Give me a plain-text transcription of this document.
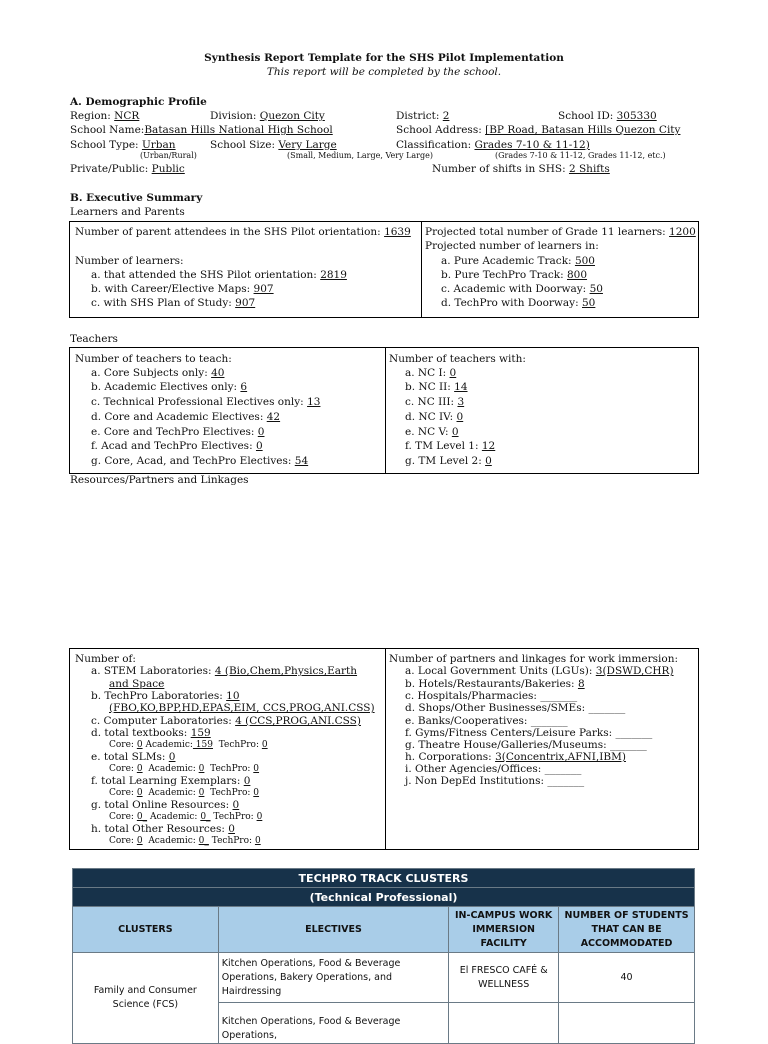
Synthesis Report Template for the SHS Pilot Implementation
This report will be completed by the school.
A. Demographic Profile
Region: NCR	Division: Quezon City	District: 2	School ID: 305330
School Name:Batasan Hills National High School	School Address: [BP Road, Batasan Hills Quezon City
School Type: Urban	School Size: Very Large	Classification: Grades 7-10 & 11-12)
(Urban/Rural)	(Small, Medium, Large, Very Large)	(Grades 7-10 & 11-12, Grades 11-12, etc.)
Private/Public: Public	Number of shifts in SHS: 2 Shifts
B. Executive Summary
Learners and Parents
Number of parent attendees in the SHS Pilot orientation: 1639
Number of learners:
a. that attended the SHS Pilot orientation: 2819
b. with Career/Elective Maps: 907
c. with SHS Plan of Study: 907
Projected total number of Grade 11 learners: 1200
Projected number of learners in:
a. Pure Academic Track: 500
b. Pure TechPro Track: 800
c. Academic with Doorway: 50
d. TechPro with Doorway: 50
Teachers
Number of teachers to teach:
a. Core Subjects only: 40
b. Academic Electives only: 6
c. Technical Professional Electives only: 13
d. Core and Academic Electives: 42
e. Core and TechPro Electives: 0
f. Acad and TechPro Electives: 0
g. Core, Acad, and TechPro Electives: 54
Number of teachers with:
a. NC I: 0
b. NC II: 14
c. NC III: 3
d. NC IV: 0
e. NC V: 0
f. TM Level 1: 12
g. TM Level 2: 0
Resources/Partners and Linkages
Number of:
a. STEM Laboratories: 4 (Bio,Chem,Physics,Earth
and Space
b. TechPro Laboratories: 10
(FBO,KO,BPP,HD,EPAS,EIM, CCS,PROG,ANI.CSS)
c. Computer Laboratories: 4 (CCS,PROG,ANI.CSS)
d. total textbooks: 159
Core: 0 Academic: 159 TechPro: 0
e. total SLMs: 0
Core: 0 Academic: 0 TechPro: 0
f. total Learning Exemplars: 0
Core: 0 Academic: 0 TechPro: 0
g. total Online Resources: 0
Core: 0_ Academic: 0_ TechPro: 0
h. total Other Resources: 0
Core: 0 Academic: 0_ TechPro: 0
Number of partners and linkages for work immersion:
a. Local Government Units (LGUs): 3(DSWD,CHR)
b. Hotels/Restaurants/Bakeries: 8
c. Hospitals/Pharmacies: _______
d. Shops/Other Businesses/SMEs: _______
e. Banks/Cooperatives: _______
f. Gyms/Fitness Centers/Leisure Parks: _______
g. Theatre House/Galleries/Museums: _______
h. Corporations: 3(Concentrix,AFNI,IBM)
i. Other Agencies/Offices: _______
j. Non DepEd Institutions: _______
TECHPRO TRACK CLUSTERS			
(Technical Professional)			
CLUSTERS	ELECTIVES	IN-CAMPUS WORK IMMERSION FACILITY	NUMBER OF STUDENTS THAT CAN BE ACCOMMODATED
Family and Consumer Science (FCS)	Kitchen Operations, Food & Beverage Operations, Bakery Operations, and Hairdressing	El FRESCO CAFÉ & WELLNESS	40
	Kitchen Operations, Food & Beverage Operations,		
